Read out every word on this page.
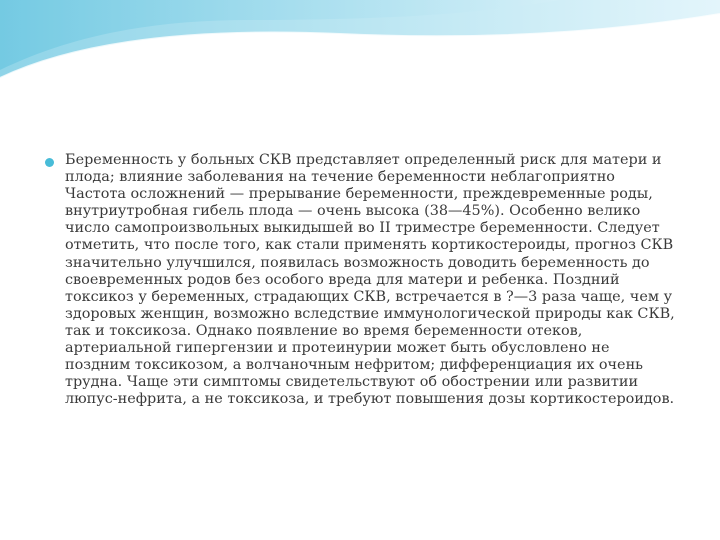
Беременность у больных СКВ представляет определенный риск для матери и плода; влияние заболевания на течение беременности неблагоприятно Частота осложнений — прерывание беременности, преждевременные роды, внутриутробная гибель плода — очень высока (38—45%). Особенно велико число самопроизвольных выкидышей во II триместре беременности. Следует отметить, что после того, как стали применять кортикостероиды, прогноз СКВ значительно улучшился, появилась возможность доводить беременность до своевременных родов без особого вреда для матери и ребенка. Поздний токсикоз у беременных, страдающих СКВ, встречается в ?—3 раза чаще, чем у здоровых женщин, возможно вследствие иммунологической природы как СКВ, так и токсикоза. Однако появление во время беременности отеков, артериальной гипергензии и протеинурии может быть обусловлено не поздним токсикозом, а волчаночным нефритом; дифференциация их очень трудна. Чаще эти симптомы свидетельствуют об обострении или развитии люпус-нефрита, а не токсикоза, и требуют повышения дозы кортикостероидов.
